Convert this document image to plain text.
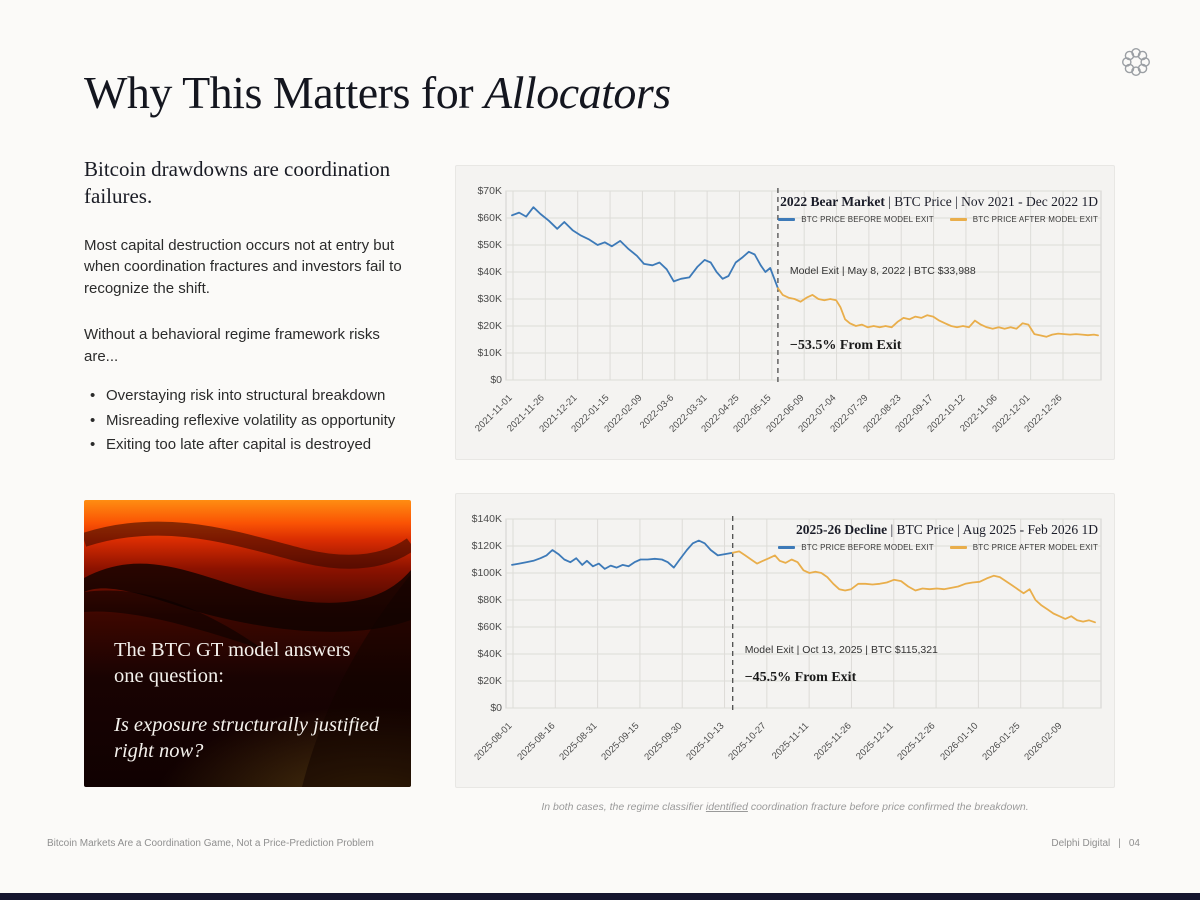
Why This Matters for Allocators
Bitcoin drawdowns are coordination failures.
Most capital destruction occurs not at entry but when coordination fractures and investors fail to recognize the shift.
Without a behavioral regime framework risks are...
• Overstaying risk into structural breakdown
• Misreading reflexive volatility as opportunity
• Exiting too late after capital is destroyed
The BTC GT model answers one question:
Is exposure structurally justified right now?
2022 Bear Market | BTC Price | Nov 2021 - Dec 2022 1D
BTC PRICE BEFORE MODEL EXIT	BTC PRICE AFTER MODEL EXIT
Model Exit | May 8, 2022 | BTC $33,988
−53.5% From Exit
$70K
$60K
$50K
$40K
$30K
$20K
$10K
$0
2021-11-01
2021-11-26
2021-12-21
2022-01-15
2022-02-09
2022-03-6
2022-03-31
2022-04-25
2022-05-15
2022-06-09
2022-07-04
2022-07-29
2022-08-23
2022-09-17
2022-10-12
2022-11-06
2022-12-01
2022-12-26
2025-26 Decline | BTC Price | Aug 2025 - Feb 2026 1D
BTC PRICE BEFORE MODEL EXIT	BTC PRICE AFTER MODEL EXIT
Model Exit | Oct 13, 2025 | BTC $115,321
−45.5% From Exit
$140K
$120K
$100K
$80K
$60K
$40K
$20K
$0
2025-08-01 2025-08-16 2025-08-31 2025-09-15 2025-09-30 2025-10-13 2025-10-27 2025-11-11 2025-11-26 2025-12-11 2025-12-26 2026-01-10 2026-01-25 2026-02-09
In both cases, the regime classifier identified coordination fracture before price confirmed the breakdown.
Bitcoin Markets Are a Coordination Game, Not a Price-Prediction Problem	Delphi Digital | 04
